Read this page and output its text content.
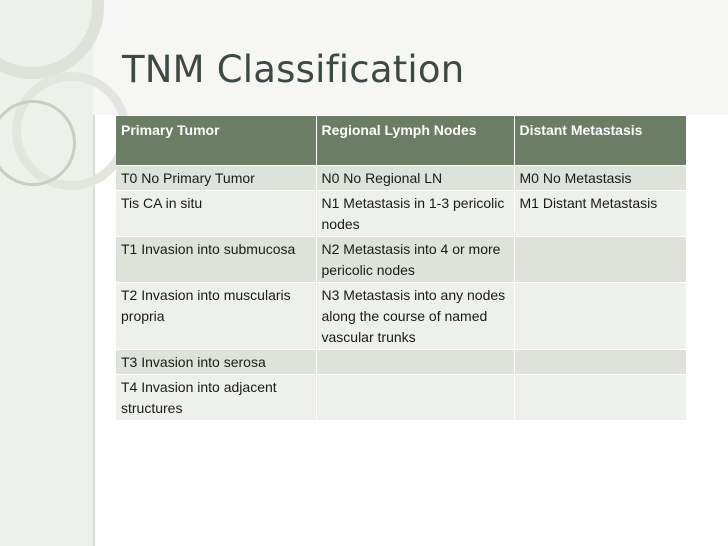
TNM Classification
Primary Tumor	Regional Lymph Nodes	Distant Metastasis
T0 No Primary Tumor	N0 No Regional LN	M0 No Metastasis
Tis CA in situ	N1 Metastasis in 1-3 pericolic nodes	M1 Distant Metastasis
T1 Invasion into submucosa	N2 Metastasis into 4 or more pericolic nodes	
T2 Invasion into muscularis propria	N3 Metastasis into any nodes along the course of named vascular trunks	
T3 Invasion into serosa		
T4 Invasion into adjacent structures		
